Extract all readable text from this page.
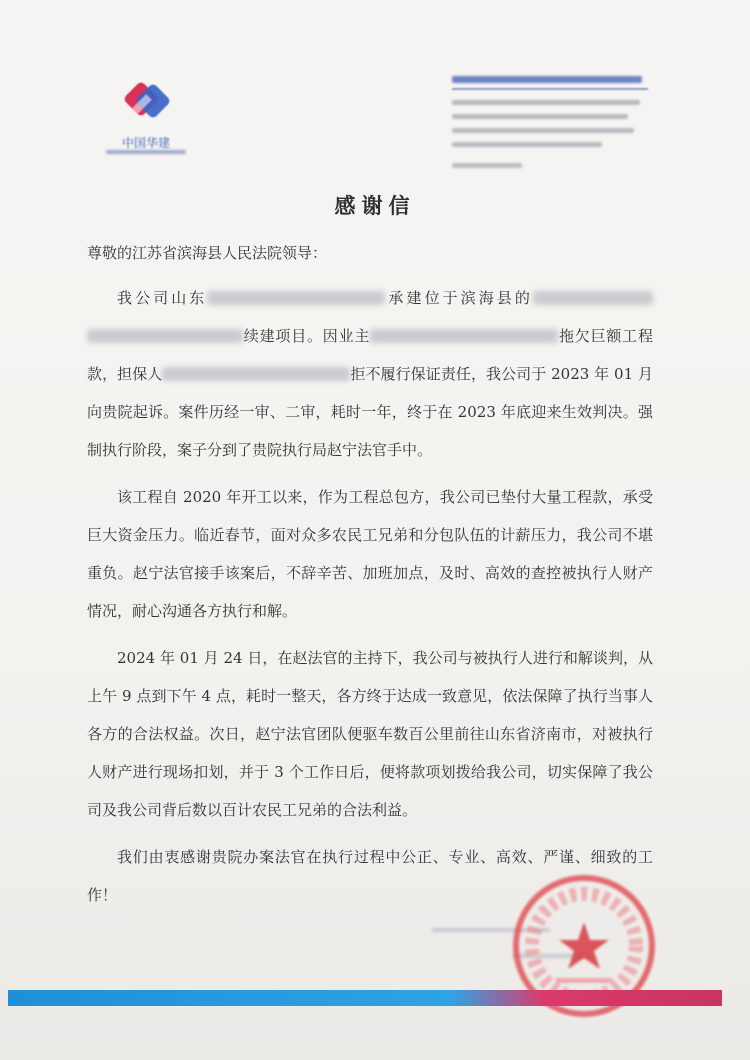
中国华建
感谢信
尊敬的江苏省滨海县人民法院领导：

我公司山东	承建位于滨海县的续建项目。因业主	拖欠巨额工程款，担保人	拒不履行保证责任，我公司于 2023 年 01 月向贵院起诉。案件历经一审、二审，耗时一年，终于在 2023 年底迎来生效判决。强制执行阶段，案子分到了贵院执行局赵宁法官手中。

该工程自 2020 年开工以来，作为工程总包方，我公司已垫付大量工程款，承受巨大资金压力。临近春节，面对众多农民工兄弟和分包队伍的计薪压力，我公司不堪重负。赵宁法官接手该案后，不辞辛苦、加班加点，及时、高效的查控被执行人财产情况，耐心沟通各方执行和解。

2024 年 01 月 24 日，在赵法官的主持下，我公司与被执行人进行和解谈判，从上午 9 点到下午 4 点，耗时一整天，各方终于达成一致意见，依法保障了执行当事人各方的合法权益。次日，赵宁法官团队便驱车数百公里前往山东省济南市，对被执行人财产进行现场扣划，并于 3 个工作日后，便将款项划拨给我公司，切实保障了我公司及我公司背后数以百计农民工兄弟的合法利益。

我们由衷感谢贵院办案法官在执行过程中公正、专业、高效、严谨、细致的工作！
